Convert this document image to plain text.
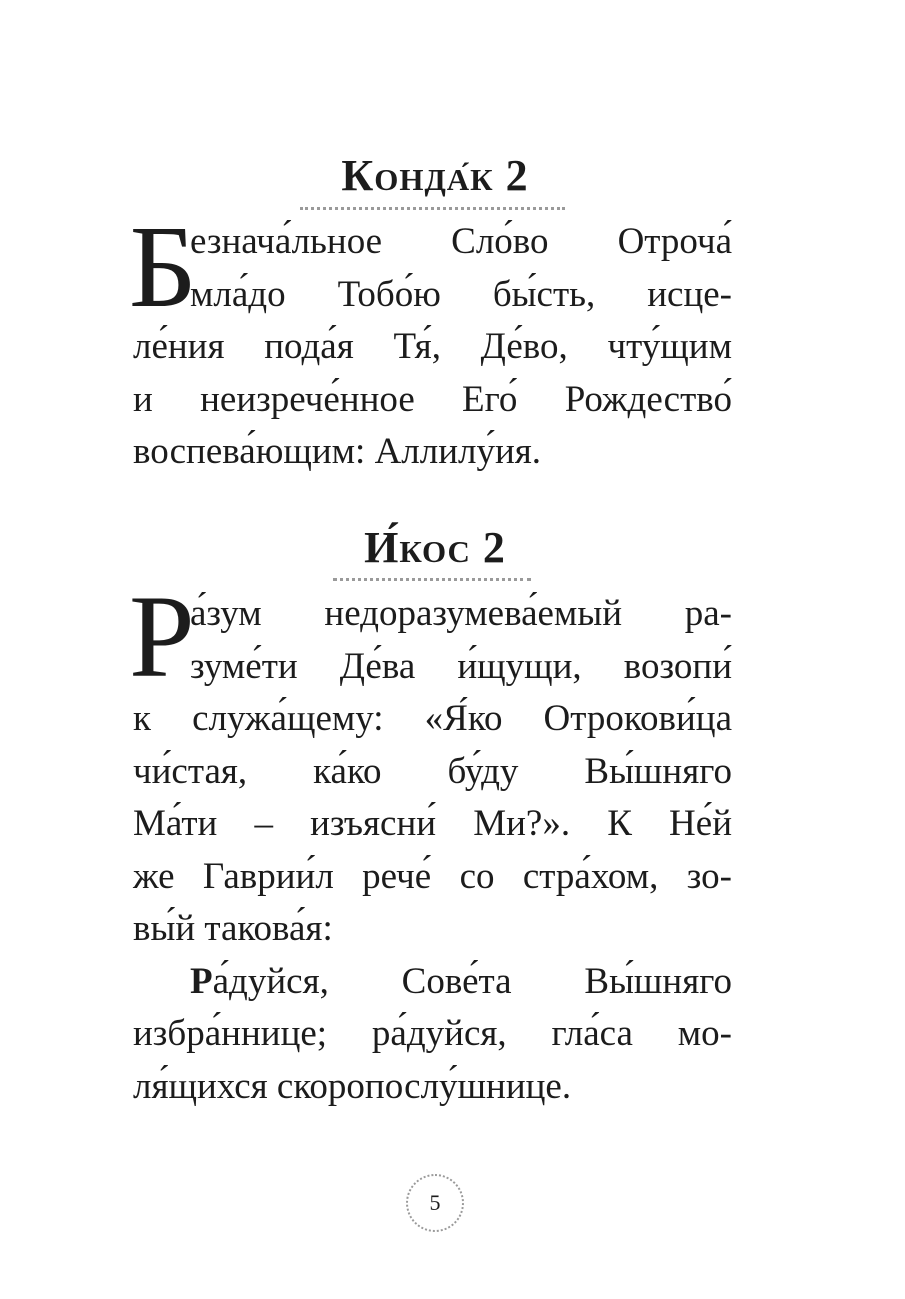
Конда́к 2
Б
езнача́льное Сло́во Отроча́
мла́до Тобо́ю бы́сть, исце-
ле́ния пода́я Тя́, Де́во, чту́щим
и неизрече́нное Его́ Рождество́
воспева́ющим: Аллилу́ия.
И́кос 2
Р
а́зум недоразумева́емый ра-
зуме́ти Де́ва и́щущи, возопи́
к служа́щему: «Я́ко Отрокови́ца
чи́стая, ка́ко бу́ду Вы́шняго
Ма́ти – изъясни́ Ми?». К Не́й
же Гаврии́л рече́ со стра́хом, зо-
вы́й такова́я:
Ра́дуйся, Сове́та Вы́шняго
избра́ннице; ра́дуйся, гла́са мо-
ля́щихся скоропослу́шнице.
5
